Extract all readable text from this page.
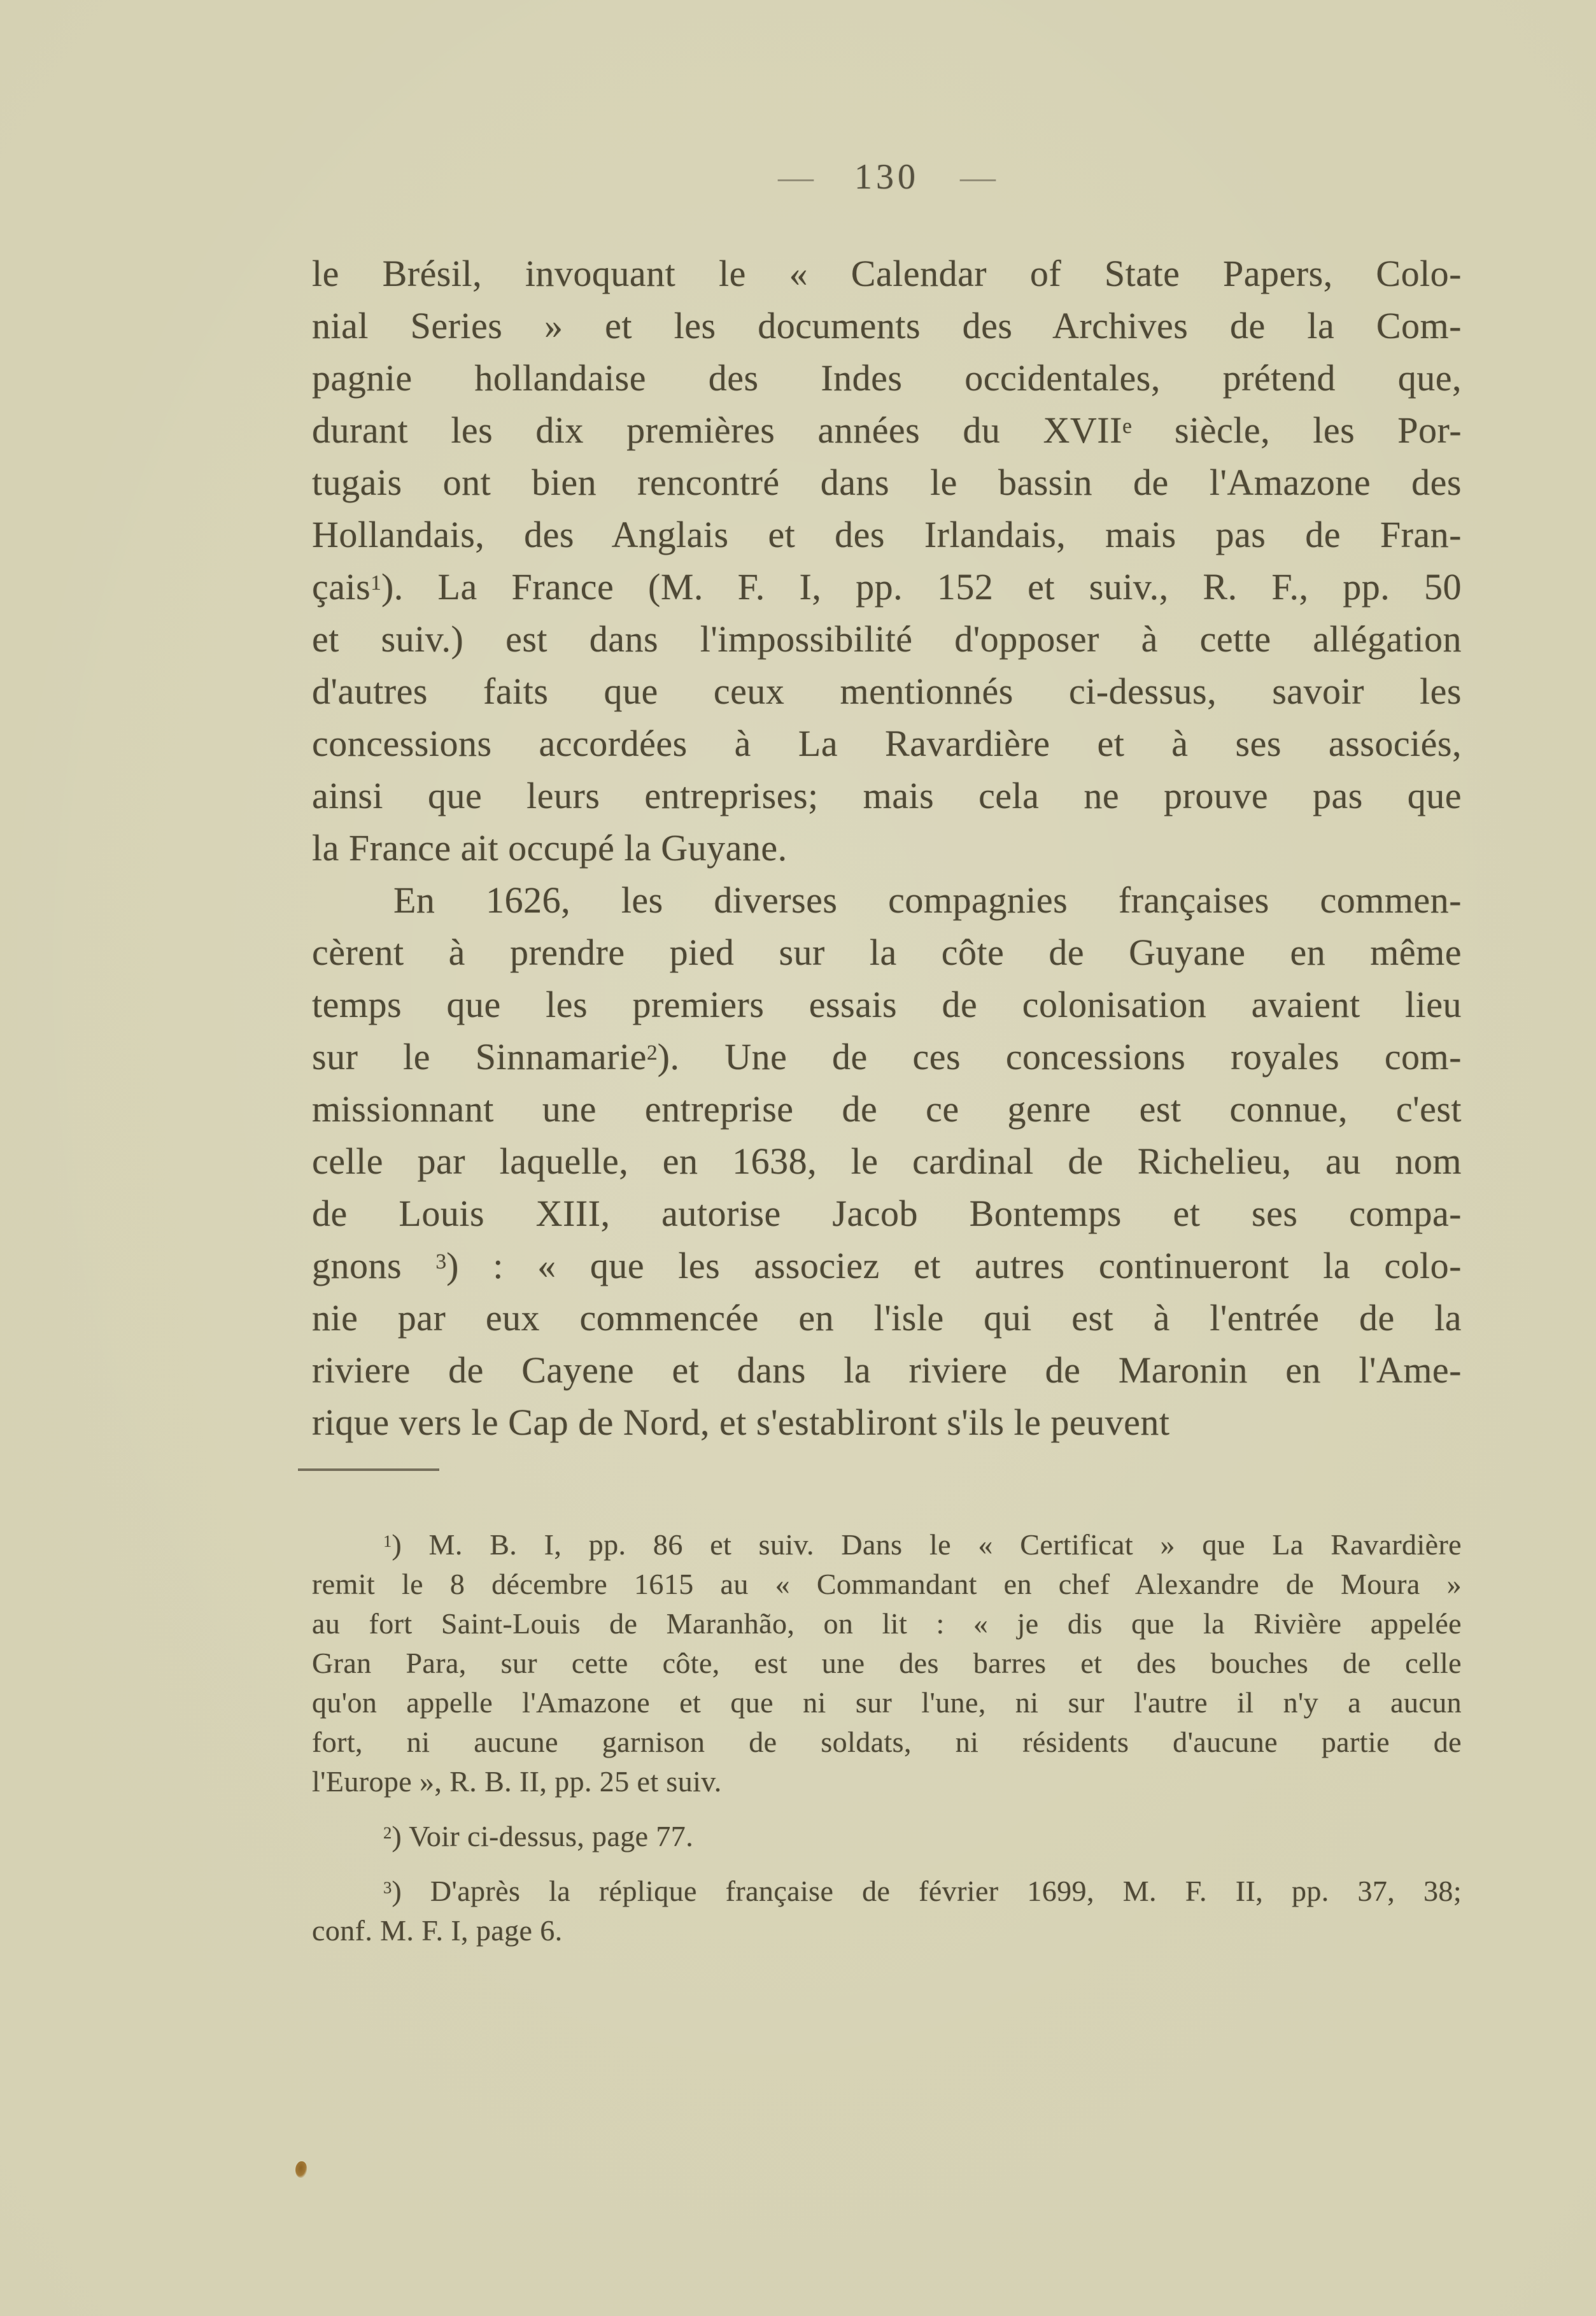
— 130 —
le Brésil, invoquant le « Calendar of State Papers, Colo-
nial Series » et les documents des Archives de la Com-
pagnie hollandaise des Indes occidentales, prétend que,
durant les dix premières années du XVIIe siècle, les Por-
tugais ont bien rencontré dans le bassin de l'Amazone des
Hollandais, des Anglais et des Irlandais, mais pas de Fran-
çais$^1$). La France (M. F. I, pp. 152 et suiv., R. F., pp. 50
et suiv.) est dans l'impossibilité d'opposer à cette allégation
d'autres faits que ceux mentionnés ci-dessus, savoir les
concessions accordées à La Ravardière et à ses associés,
ainsi que leurs entreprises; mais cela ne prouve pas que
la France ait occupé la Guyane.
En 1626, les diverses compagnies françaises commen-
cèrent à prendre pied sur la côte de Guyane en même
temps que les premiers essais de colonisation avaient lieu
sur le Sinnamarie$^2$). Une de ces concessions royales com-
missionnant une entreprise de ce genre est connue, c'est
celle par laquelle, en 1638, le cardinal de Richelieu, au nom
de Louis XIII, autorise Jacob Bontemps et ses compa-
gnons $^3$) : « que les associez et autres continueront la colo-
nie par eux commencée en l'isle qui est à l'entrée de la
riviere de Cayene et dans la riviere de Maronin en l'Ame-
rique vers le Cap de Nord, et s'establiront s'ils le peuvent
$^1$) M. B. I, pp. 86 et suiv. Dans le « Certificat » que La Ravardière
remit le 8 décembre 1615 au « Commandant en chef Alexandre de Moura »
au fort Saint-Louis de Maranhão, on lit : « je dis que la Rivière appelée
Gran Para, sur cette côte, est une des barres et des bouches de celle
qu'on appelle l'Amazone et que ni sur l'une, ni sur l'autre il n'y a aucun
fort, ni aucune garnison de soldats, ni résidents d'aucune partie de
l'Europe », R. B. II, pp. 25 et suiv.
$^2$) Voir ci-dessus, page 77.
$^3$) D'après la réplique française de février 1699, M. F. II, pp. 37, 38;
conf. M. F. I, page 6.
